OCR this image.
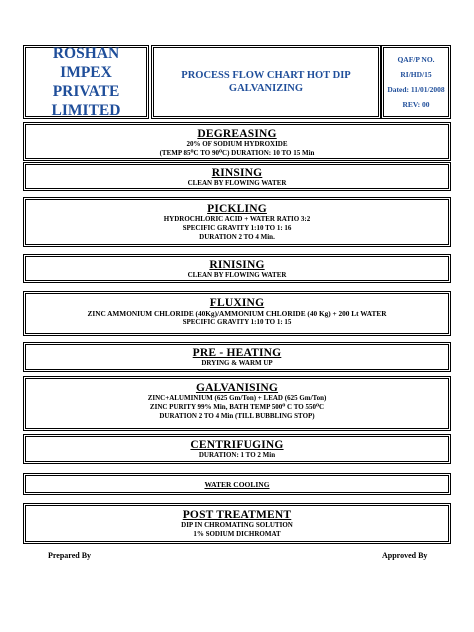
ROSHAN IMPEX
PRIVATE
LIMITED
PROCESS FLOW CHART HOT DIP
GALVANIZING
QAF/P NO. RI/HD/15
Dated: 11/01/2008
REV: 00
DEGREASING
20% OF SODIUM HYDROXIDE
(TEMP 85⁰C TO 90⁰C) DURATION: 10 TO 15 Min
RINSING
CLEAN BY FLOWING WATER
PICKLING
HYDROCHLORIC ACID + WATER RATIO 3:2
SPECIFIC GRAVITY 1:10 TO 1: 16
DURATION 2 TO 4 Min.
RINISING
CLEAN BY FLOWING WATER
FLUXING
ZINC AMMONIUM CHLORIDE (40Kg)/AMMONIUM CHLORIDE (40 Kg) + 200 Lt WATER
SPECIFIC GRAVITY 1:10 TO 1: 15
PRE - HEATING
DRYING & WARM UP
GALVANISING
ZINC+ALUMINIUM (625 Gm/Ton) + LEAD (625 Gm/Ton)
ZINC PURITY 99% Min, BATH TEMP 500⁰ C TO 550⁰C
DURATION 2 TO 4 Min (TILL BUBBLING STOP)
CENTRIFUGING
DURATION: 1 TO 2 Min
WATER COOLING
POST TREATMENT
DIP IN CHROMATING SOLUTION
1% SODIUM DICHROMAT
Prepared By	Approved By
